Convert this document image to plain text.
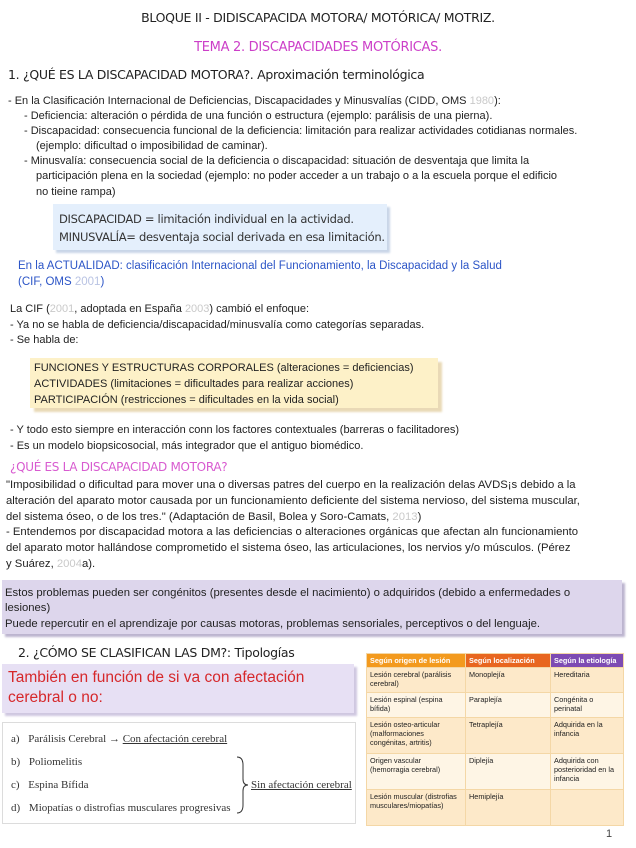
BLOQUE II - DIDISCAPACIDA MOTORA/ MOTÓRICA/ MOTRIZ.
TEMA 2. DISCAPACIDADES MOTÓRICAS.
1. ¿QUÉ ES LA DISCAPACIDAD MOTORA?. Aproximación terminológica
- En la Clasificación Internacional de Deficiencias, Discapacidades y Minusvalías (CIDD, OMS 1980):
- Deficiencia: alteración o pérdida de una función o estructura (ejemplo: parálisis de una pierna).
- Discapacidad: consecuencia funcional de la deficiencia: limitación para realizar actividades cotidianas normales.
(ejemplo: dificultad o imposibilidad de caminar).
- Minusvalía: consecuencia social de la deficiencia o discapacidad: situación de desventaja que limita la
participación plena en la sociedad (ejemplo: no poder acceder a un trabajo o a la escuela porque el edificio
no tieine rampa)
DISCAPACIDAD = limitación individual en la actividad.
MINUSVALÍA= desventaja social derivada en esa limitación.
En la ACTUALIDAD: clasificación Internacional del Funcionamiento, la Discapacidad y la Salud
(CIF, OMS 2001)
La CIF (2001, adoptada en España 2003) cambió el enfoque:
- Ya no se habla de deficiencia/discapacidad/minusvalía como categorías separadas.
- Se habla de:
FUNCIONES Y ESTRUCTURAS CORPORALES (alteraciones = deficiencias)
ACTIVIDADES (limitaciones = dificultades para realizar acciones)
PARTICIPACIÓN (restricciones = dificultades en la vida social)
- Y todo esto siempre en interacción conn los factores contextuales (barreras o facilitadores)
- Es un modelo biopsicosocial, más integrador que el antiguo biomédico.
¿QUÉ ES LA DISCAPACIDAD MOTORA?
"Imposibilidad o dificultad para mover una o diversas patres del cuerpo en la realización delas AVDS¡s debido a la
alteración del aparato motor causada por un funcionamiento deficiente del sistema nervioso, del sistema muscular,
del sistema óseo, o de los tres." (Adaptación de Basil, Bolea y Soro-Camats, 2013)
- Entendemos por discapacidad motora a las deficiencias o alteraciones orgánicas que afectan aln funcionamiento
del aparato motor hallándose comprometido el sistema óseo, las articulaciones, los nervios y/o músculos. (Pérez
y Suárez, 2004a).
Estos problemas pueden ser congénitos (presentes desde el nacimiento) o adquiridos (debido a enfermedades o
lesiones)
Puede repercutir en el aprendizaje por causas motoras, problemas sensoriales, perceptivos o del lenguaje.
2. ¿CÓMO SE CLASIFICAN LAS DM?: Tipologías
También en función de si va con afectación cerebral o no:
a) Parálisis Cerebral → Con afectación cerebral
b) Poliomelitis
c) Espina Bífida
d) Miopatías o distrofias musculares progresivas
Sin afectación cerebral
Según origen de lesión	Según localización	Según la etiología
Lesión cerebral (parálisis cerebral)	Monoplejía	Hereditaria
Lesión espinal (espina bífida)	Paraplejía	Congénita o perinatal
Lesión osteo-articular (malformaciones congénitas, artritis)	Tetraplejía	Adquirida en la infancia
Origen vascular (hemorragia cerebral)	Diplejía	Adquirida con posterioridad en la infancia
Lesión muscular (distrofias musculares/miopatías)	Hemiplejía	
1
